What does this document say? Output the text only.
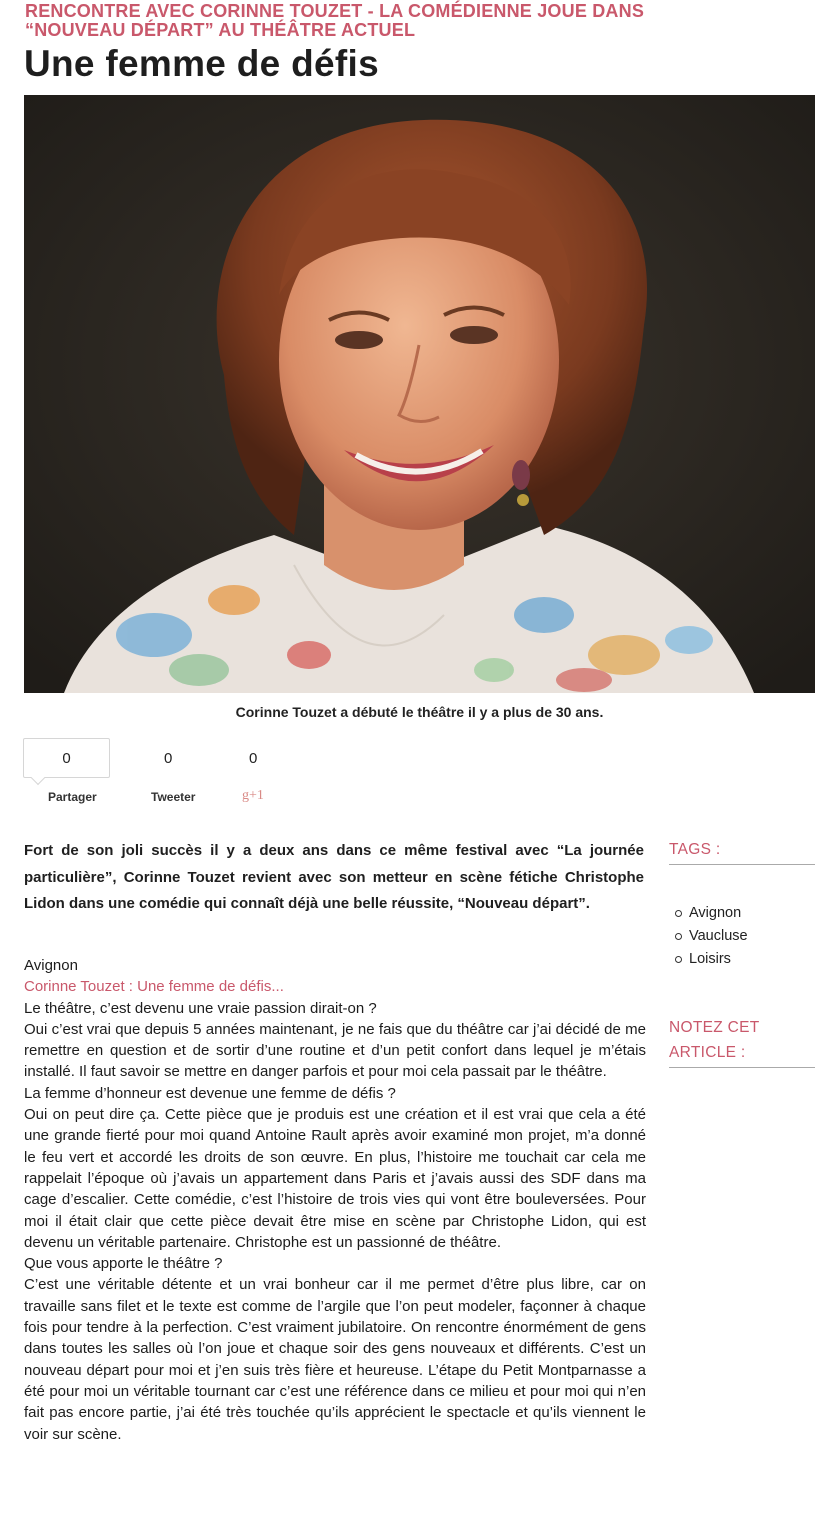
RENCONTRE AVEC CORINNE TOUZET - LA COMÉDIENNE JOUE DANS
“NOUVEAU DÉPART” AU THÉÂTRE ACTUEL
Une femme de défis
Corinne Touzet a débuté le théâtre il y a plus de 30 ans.
0	0	0
Partager	Tweeter	g+1

Fort de son joli succès il y a deux ans dans ce même festival avec “La journée particulière”, Corinne Touzet revient avec son metteur en scène fétiche Christophe Lidon dans une comédie qui connaît déjà une belle réussite, “Nouveau départ”.

Avignon
Corinne Touzet : Une femme de défis...
Le théâtre, c’est devenu une vraie passion dirait-on ?

Oui c’est vrai que depuis 5 années maintenant, je ne fais que du théâtre car j’ai décidé de me remettre en question et de sortir d’une routine et d’un petit confort dans lequel je m’étais installé. Il faut savoir se mettre en danger parfois et pour moi cela passait par le théâtre.

La femme d’honneur est devenue une femme de défis ?

Oui on peut dire ça. Cette pièce que je produis est une création et il est vrai que cela a été une grande fierté pour moi quand Antoine Rault après avoir examiné mon projet, m’a donné le feu vert et accordé les droits de son œuvre. En plus, l’histoire me touchait car cela me rappelait l’époque où j’avais un appartement dans Paris et j’avais aussi des SDF dans ma cage d’escalier. Cette comédie, c’est l’histoire de trois vies qui vont être bouleversées. Pour moi il était clair que cette pièce devait être mise en scène par Christophe Lidon, qui est devenu un véritable partenaire. Christophe est un passionné de théâtre.

Que vous apporte le théâtre ?

C’est une véritable détente et un vrai bonheur car il me permet d’être plus libre, car on travaille sans filet et le texte est comme de l’argile que l’on peut modeler, façonner à chaque fois pour tendre à la perfection. C’est vraiment jubilatoire. On rencontre énormément de gens dans toutes les salles où l’on joue et chaque soir des gens nouveaux et différents. C’est un nouveau départ pour moi et j’en suis très fière et heureuse. L’étape du Petit Montparnasse a été pour moi un véritable tournant car c’est une référence dans ce milieu et pour moi qui n’en fait pas encore partie, j’ai été très touchée qu’ils apprécient le spectacle et qu’ils viennent le voir sur scène.

TAGS :
Avignon
Vaucluse
Loisirs
NOTEZ CET
ARTICLE :
